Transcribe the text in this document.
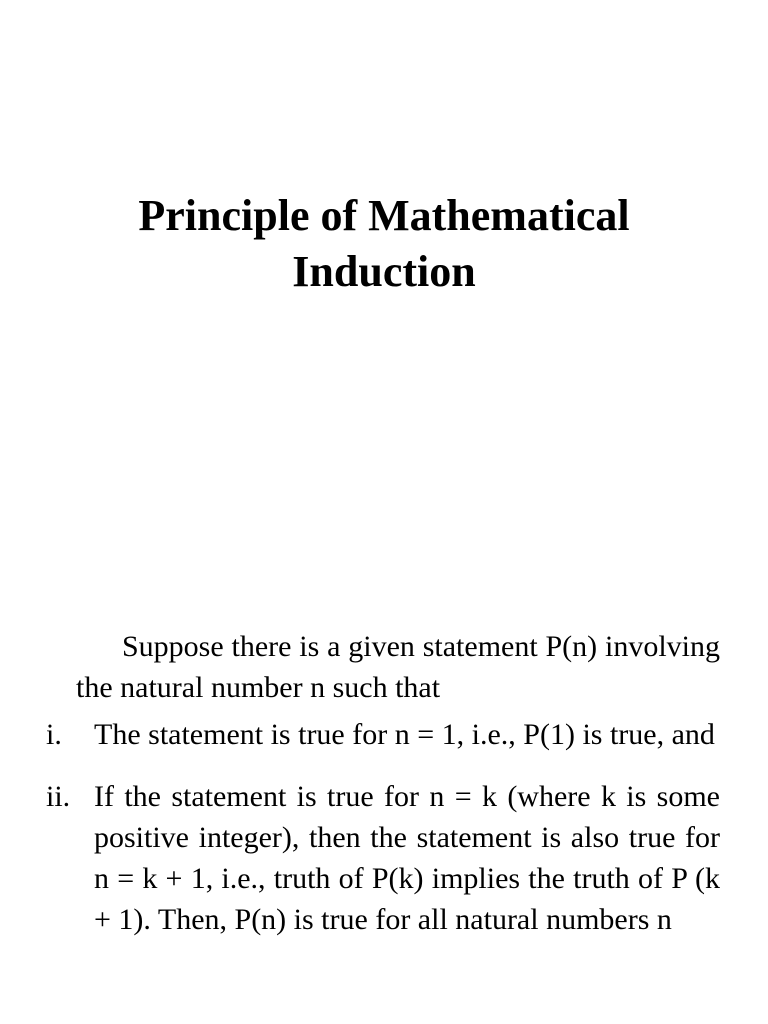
Principle of Mathematical
Induction

Suppose there is a given statement P(n) involving the natural number n such that

i. The statement is true for n = 1, i.e., P(1) is true, and
ii. If the statement is true for n = k (where k is some positive integer), then the statement is also true for n = k + 1, i.e., truth of P(k) implies the truth of P (k + 1). Then, P(n) is true for all natural numbers n
